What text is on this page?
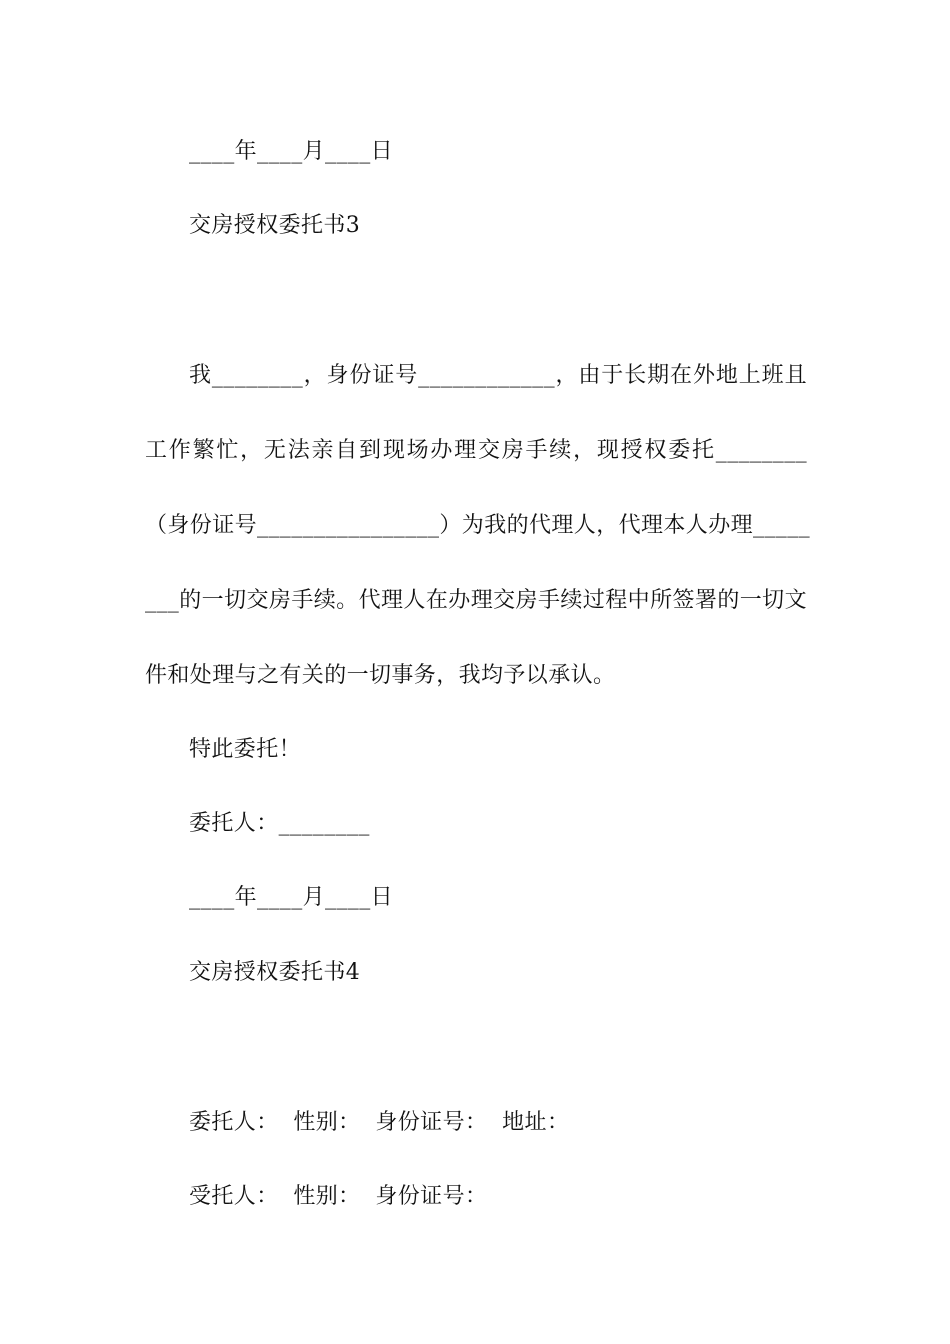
____年____月____日
交房授权委托书3
我________，身份证号____________，由于长期在外地上班且
工作繁忙，无法亲自到现场办理交房手续，现授权委托________
（身份证号________________）为我的代理人，代理本人办理_____
___的一切交房手续。代理人在办理交房手续过程中所签署的一切文
件和处理与之有关的一切事务，我均予以承认。
特此委托！
委托人：________
____年____月____日
交房授权委托书4
委托人：  性别：  身份证号：  地址：
受托人：  性别：  身份证号：
